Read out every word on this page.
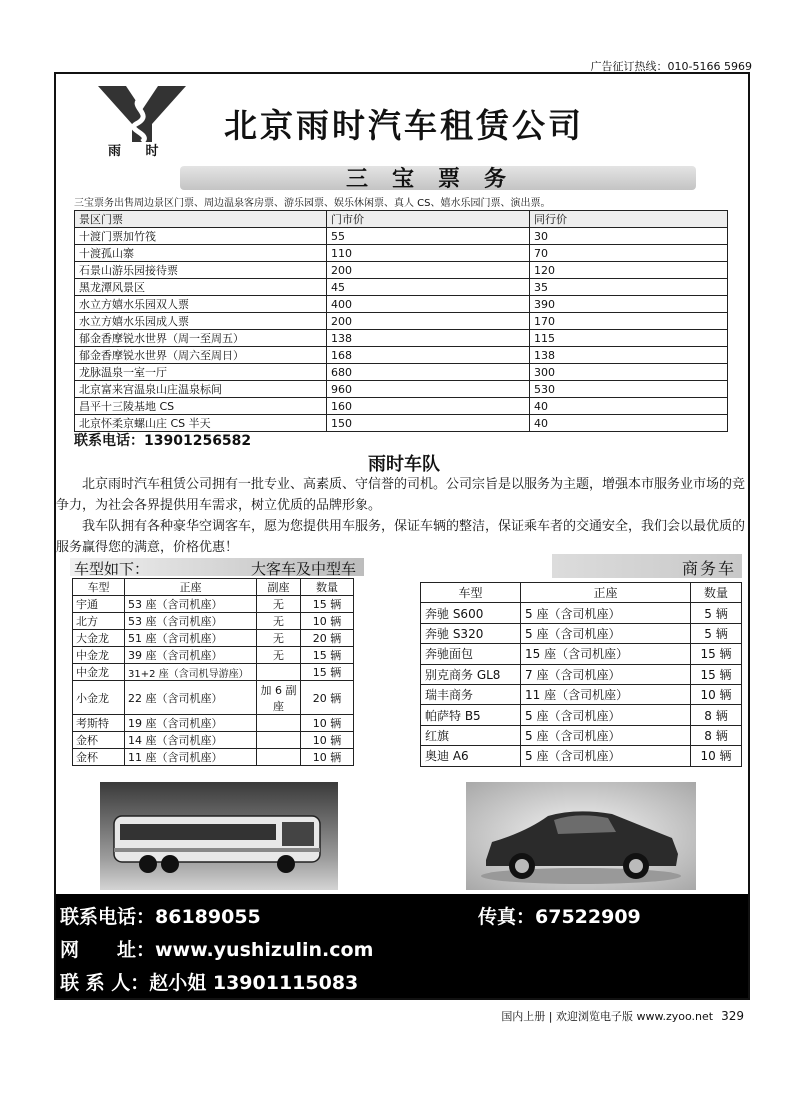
广告征订热线：010-5166 5969
雨 时
北京雨时汽车租赁公司
三宝票务
三宝票务出售周边景区门票、周边温泉客房票、游乐园票、娱乐休闲票、真人 CS、嬉水乐园门票、演出票。
景区门票	门市价	同行价
十渡门票加竹筏	55	30
十渡孤山寨	110	70
石景山游乐园接待票	200	120
黑龙潭风景区	45	35
水立方嬉水乐园双人票	400	390
水立方嬉水乐园成人票	200	170
郁金香摩锐水世界（周一至周五）	138	115
郁金香摩锐水世界（周六至周日）	168	138
龙脉温泉一室一厅	680	300
北京富来宫温泉山庄温泉标间	960	530
昌平十三陵基地 CS	160	40
北京怀柔京螺山庄 CS 半天	150	40
联系电话：13901256582
雨时车队
北京雨时汽车租赁公司拥有一批专业、高素质、守信誉的司机。公司宗旨是以服务为主题，增强本市服务业市场的竞争力，为社会各界提供用车需求，树立优质的品牌形象。
我车队拥有各种豪华空调客车，愿为您提供用车服务，保证车辆的整洁，保证乘车者的交通安全，我们会以最优质的服务赢得您的满意，价格优惠！
车型如下：	大客车及中型车	商务车
车型	正座	副座	数量
宇通	53 座（含司机座）	无	15 辆
北方	53 座（含司机座）	无	10 辆
大金龙	51 座（含司机座）	无	20 辆
中金龙	39 座（含司机座）	无	15 辆
中金龙	31+2 座（含司机导游座）		15 辆
小金龙	22 座（含司机座）	加 6 副座	20 辆
考斯特	19 座（含司机座）		10 辆
金杯	14 座（含司机座）		10 辆
金杯	11 座（含司机座）		10 辆
车型	正座	数量
奔驰 S600	5 座（含司机座）	5 辆
奔驰 S320	5 座（含司机座）	5 辆
奔驰面包	15 座（含司机座）	15 辆
别克商务 GL8	7 座（含司机座）	15 辆
瑞丰商务	11 座（含司机座）	10 辆
帕萨特 B5	5 座（含司机座）	8 辆
红旗	5 座（含司机座）	8 辆
奥迪 A6	5 座（含司机座）	10 辆
联系电话：86189055	传真：67522909
网　　址：www.yushizulin.com
联 系 人：赵小姐 13901115083
国内上册 | 欢迎浏览电子版 www.zyoo.net 329
